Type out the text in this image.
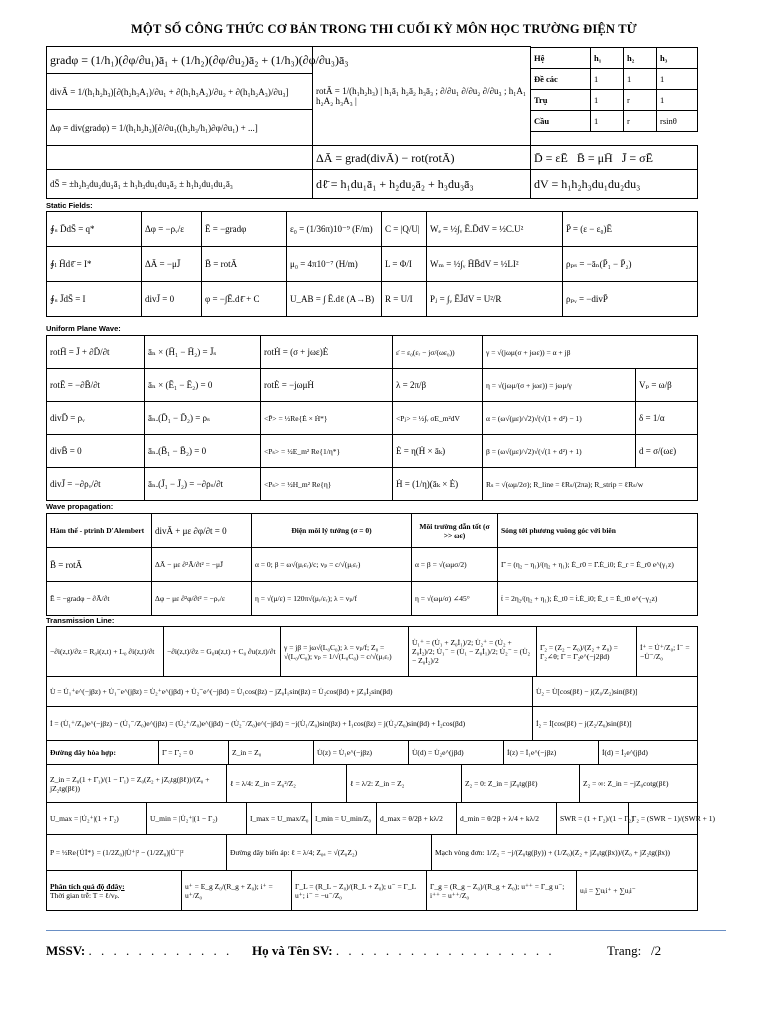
MỘT SỐ CÔNG THỨC CƠ BẢN TRONG THI CUỐI KỲ MÔN HỌC TRƯỜNG ĐIỆN TỪ
gradφ = (1/h₁)(∂φ/∂u₁)ā₁ + (1/h₂)(∂φ/∂u₂)ā₂ + (1/h₃)(∂φ/∂u₃)ā₃	rotĀ = 1/(h₁h₂h₃) | h₁ā₁ h₂ā₂ h₃ā₃ ; ∂/∂u₁ ∂/∂u₂ ∂/∂u₃ ; h₁A₁ h₂A₂ h₃A₃ |
divĀ = 1/(h₁h₂h₃)[∂(h₂h₃A₁)/∂u₁ + ∂(h₁h₃A₂)/∂u₂ + ∂(h₁h₂A₃)/∂u₃]
Δφ = div(gradφ) = 1/(h₁h₂h₃)[∂/∂u₁((h₂h₃/h₁)∂φ/∂u₁) + ...]
Hệ	h₁	h₂	h₃
Đề các	1	1	1
Trụ	1	r	1
Cầu	1	r	rsinθ
	ΔĀ = grad(divĀ) − rot(rotĀ)	D̄ = εĒ B̄ = μH̄ J̄ = σĒ
dS̄ = ±h₂h₃du₂du₃ā₁ ± h₁h₃du₁du₃ā₂ ± h₁h₂du₁du₂ā₃	dℓ̄ = h₁du₁ā₁ + h₂du₂ā₂ + h₃du₃ā₃	dV = h₁h₂h₃du₁du₂du₃
Static Fields:
∮ₛ D̄dS̄ = q*	Δφ = −ρᵥ/ε	Ē = −gradφ	ε₀ = (1/36π)10⁻⁹ (F/m)	C = |Q/U|	Wₑ = ½∫ᵥ Ē.D̄dV = ½C.U²	P̄ = (ε − ε₀)Ē
∮ₗ H̄dℓ̄ = I*	ΔĀ = −μJ̄	B̄ = rotĀ	μ₀ = 4π10⁻⁷ (H/m)	L = Φ/I	Wₘ = ½∫ᵥ H̄B̄dV = ½LI²	ρₚₛ = −āₙ(P̄₁ − P̄₂)
∮ₛ J̄dS̄ = I	divJ̄ = 0	φ = −∫Ē.dℓ̄ + C	U_AB = ∫ Ē.dℓ (A→B)	R = U/I	Pⱼ = ∫ᵥ ĒJ̄dV = U²/R	ρₚᵥ = −divP̄
Uniform Plane Wave:
rotH̄ = J̄ + ∂D̄/∂t	āₙ × (H̄₁ − H̄₂) = J̄ₛ	rotḢ = (σ + jωε)Ė	ε̇ = ε₀(εᵣ − jσ/(ωε₀))	γ = √(jωμ(σ + jωε)) = α + jβ	
rotĒ = −∂B̄/∂t	āₙ × (Ē₁ − Ē₂) = 0	rotĖ = −jωμḢ	λ = 2π/β	η = √(jωμ/(σ + jωε)) = jωμ/γ	Vₚ = ω/β
divD̄ = ρᵥ	āₙ.(D̄₁ − D̄₂) = ρₛ	<P̄> = ½Re{Ė × Ḣ*}	<Pⱼ> = ½∫ᵥ σE_m²dV	α = (ω√(με)/√2)√(√(1 + d²) − 1)	δ = 1/α
divB̄ = 0	āₙ.(B̄₁ − B̄₂) = 0	<Pₛ> = ½E_m² Re{1/η*}	Ė = η(Ḣ × āₖ)	β = (ω√(με)/√2)√(√(1 + d²) + 1)	d = σ/(ωε)
divJ̄ = −∂ρᵥ/∂t	āₙ.(J̄₁ − J̄₂) = −∂ρₛ/∂t	<Pₛ> = ½H_m² Re{η}	Ḣ = (1/η)(āₖ × Ė)	Rₛ = √(ωμ/2σ); R_line = ℓRₛ/(2πa); R_strip = ℓRₛ/w	
Wave propagation:
Hàm thế - ptrình D'Alembert	divĀ + με ∂φ/∂t = 0	Điện môi lý tưởng (σ = 0)	Môi trường dẫn tốt (σ >> ωε)	Sóng tới phương vuông góc với biên
B̄ = rotĀ	ΔĀ − με ∂²Ā/∂t² = −μJ̄	α = 0; β = ω√(μᵣεᵣ)/c; vₚ = c/√(μᵣεᵣ)	α = β = √(ωμσ/2)	Γ̇ = (η₂ − η₁)/(η₂ + η₁); Ė_r0 = Γ̇.Ė_i0; Ė_r = Ė_r0 e^(γ₁z)
Ē = −gradφ − ∂Ā/∂t	Δφ − με ∂²φ/∂t² = −ρᵥ/ε	η = √(μ/ε) = 120π√(μᵣ/εᵣ); λ = vₚ/f	η = √(ωμ/σ) ∠45°	ṫ = 2η₂/(η₂ + η₁); Ė_t0 = ṫ.Ė_i0; Ė_t = Ė_t0 e^(−γ₂z)
Transmission Line:
−∂i(z,t)/∂z = R₀i(z,t) + L₀ ∂i(z,t)/∂t	−∂i(z,t)/∂z = G₀u(z,t) + C₀ ∂u(z,t)/∂t	γ = jβ = jω√(L₀C₀); λ = vₚ/f; Z₀ = √(L₀/C₀); vₚ = 1/√(L₀C₀) = c/√(μᵣεᵣ)	U̇₁⁺ = (U̇₁ + Z₀İ₁)/2; U̇₂⁺ = (U̇₂ + Z₀İ₂)/2; U̇₁⁻ = (U̇₁ − Z₀İ₁)/2; U̇₂⁻ = (U̇₂ − Z₀İ₂)/2	Γ̇₂ = (Z₂ − Z₀)/(Z₂ + Z₀) = Γ₂∠θ; Γ̇ = Γ̇₂e^(−j2βd)	İ⁺ = U̇⁺/Z₀; İ⁻ = −U̇⁻/Z₀
U̇ = U̇₁⁺e^(−jβz) + U̇₁⁻e^(jβz) = U̇₂⁺e^(jβd) + U̇₂⁻e^(−jβd) = U̇₁cos(βz) − jZ₀İ₁sin(βz) = U̇₂cos(βd) + jZ₀İ₂sin(βd)	U̇₂ = U̇[cos(βℓ) − j(Z₀/Z₂)sin(βℓ)]
İ = (U̇₁⁺/Z₀)e^(−jβz) − (U̇₁⁻/Z₀)e^(jβz) = (U̇₂⁺/Z₀)e^(jβd) − (U̇₂⁻/Z₀)e^(−jβd) = −j(U̇₁/Z₀)sin(βz) + İ₁cos(βz) = j(U̇₂/Z₀)sin(βd) + İ₂cos(βd)	İ₂ = İ[cos(βℓ) − j(Z₂/Z₀)sin(βℓ)]
Đường dây hòa hợp:	Γ̇ = Γ̇₂ = 0	Z_in = Z₀	U̇(z) = U̇₁e^(−jβz)	U̇(d) = U̇₂e^(jβd)	İ(z) = İ₁e^(−jβz)	İ(d) = İ₂e^(jβd)
Z_in = Z₀(1 + Γ̇₁)/(1 − Γ̇₁) = Z₀(Z₂ + jZ₀tg(βℓ))/(Z₀ + jZ₂tg(βℓ))	ℓ = λ/4: Z_in = Z₀²/Z₂	ℓ = λ/2: Z_in = Z₂	Z₂ = 0: Z_in = jZ₀tg(βℓ)	Z₂ = ∞: Z_in = −jZ₀cotg(βℓ)
U_max = |U̇₂⁺|(1 + Γ₂)	U_min = |U̇₂⁺|(1 − Γ₂)	I_max = U_max/Z₀	I_min = U_min/Z₀	d_max = θ/2β + kλ/2	d_min = θ/2β + λ/4 + kλ/2	SWR = (1 + Γ₂)/(1 − Γ₂)	Γ₂ = (SWR − 1)/(SWR + 1)
P = ½Re{U̇İ*} = (1/2Z₀)|U̇⁺|² − (1/2Z₀)|U̇⁻|²	Đường dây biến áp: ℓ = λ/4; Z₀ₐ = √(Z₀Z₂)	Mạch vòng đơn: 1/Z₂ = −j/(Z₀tg(βy)) + (1/Z₀)(Z₂ + jZ₀tg(βx))/(Z₀ + jZ₂tg(βx))
Phân tích quá độ đdây:
Thời gian trễ: T = ℓ/vₚ.	u⁺ = E_g Z₀/(R_g + Z₀); i⁺ = u⁺/Z₀	Γ_L = (R_L − Z₀)/(R_L + Z₀); u⁻ = Γ_L u⁺; i⁻ = −u⁻/Z₀	Γ_g = (R_g − Z₀)/(R_g + Z₀); u⁺⁺ = Γ_g u⁻; i⁺⁺ = u⁺⁺/Z₀	uᵢi = ∑uᵢi⁺ + ∑uᵢi⁻
MSSV: . . . . . . . . . . . . Họ và Tên SV: . . . . . . . . . . . . . . . . . .	Trang: /2
